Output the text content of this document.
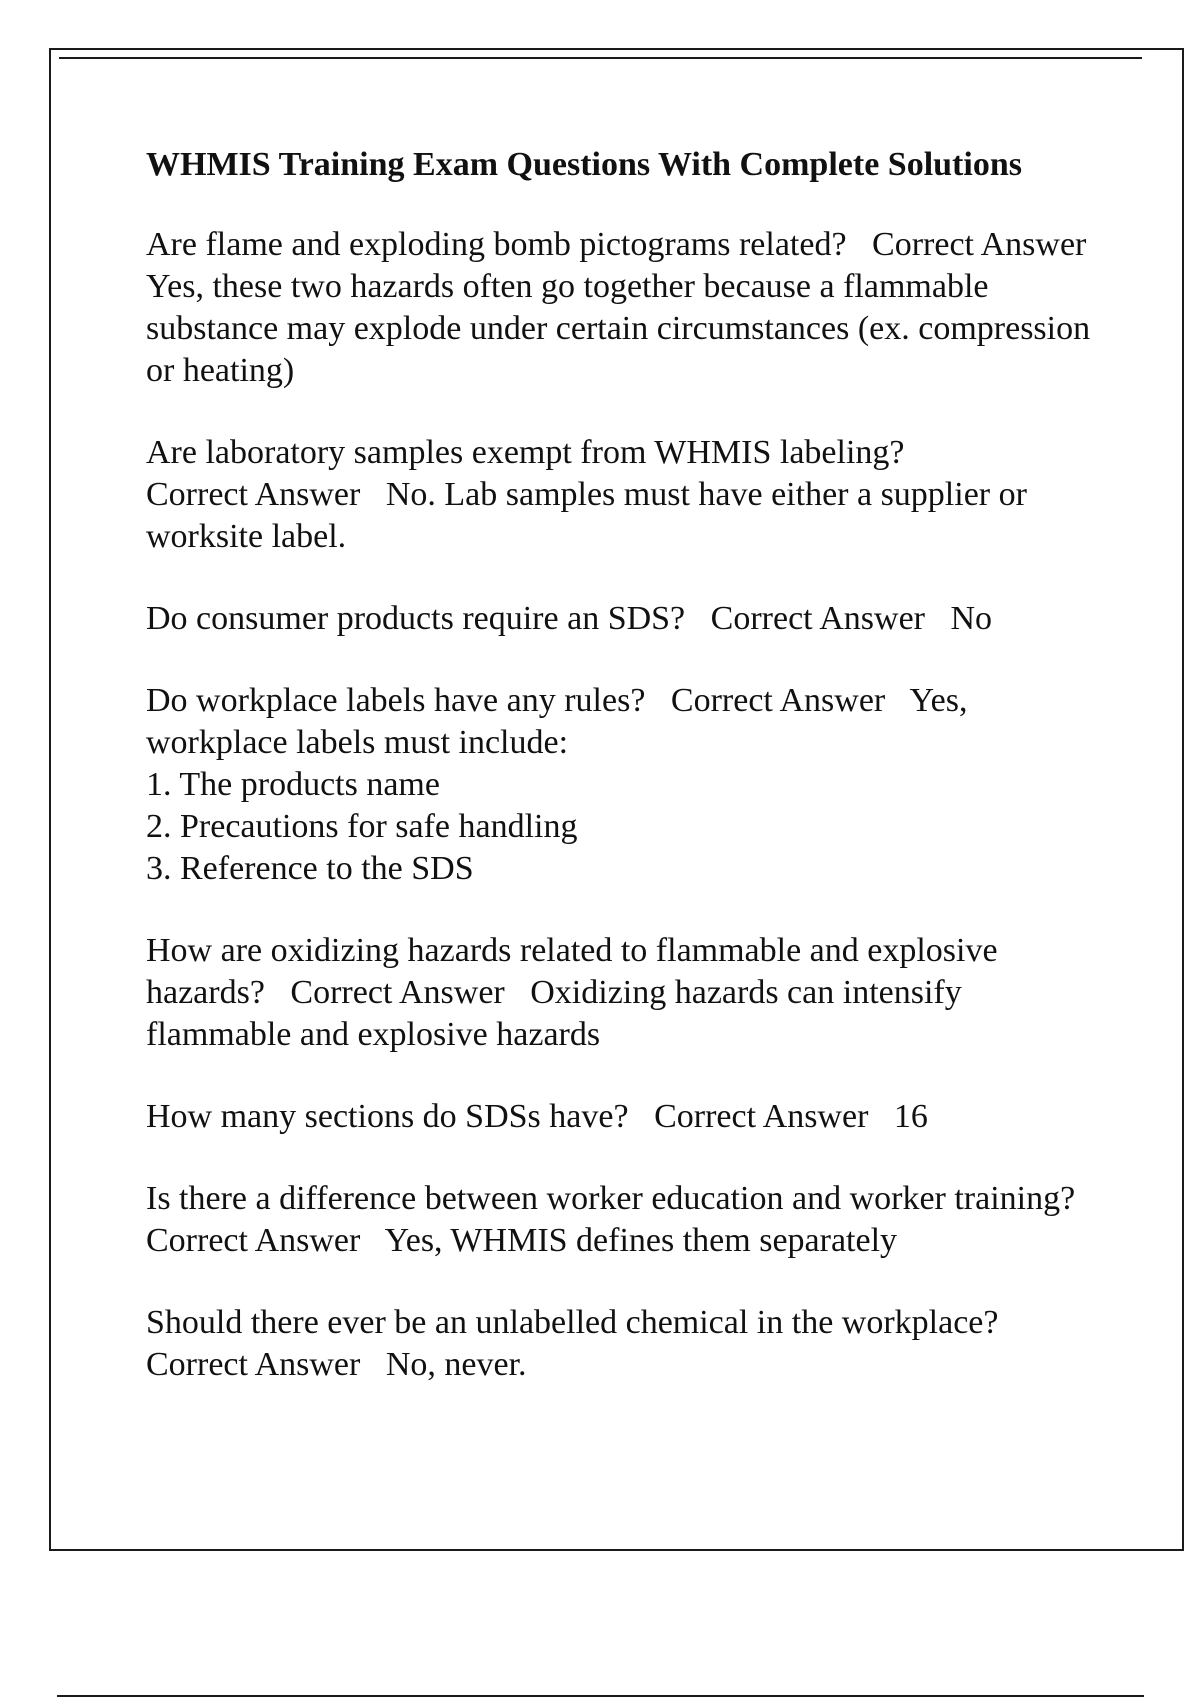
WHMIS Training Exam Questions With Complete Solutions
Are flame and exploding bomb pictograms related? Correct Answer   Yes, these two hazards often go together because a flammable substance may explode under certain circumstances (ex. compression or heating)
Are laboratory samples exempt from WHMIS labeling?
Correct Answer No. Lab samples must have either a supplier or worksite label.
Do consumer products require an SDS? Correct Answer No
Do workplace labels have any rules? Correct Answer Yes, workplace labels must include:
1. The products name
2. Precautions for safe handling
3. Reference to the SDS
How are oxidizing hazards related to flammable and explosive hazards? Correct Answer Oxidizing hazards can intensify flammable and explosive hazards
How many sections do SDSs have? Correct Answer 16
Is there a difference between worker education and worker training?   Correct Answer Yes, WHMIS defines them separately
Should there ever be an unlabelled chemical in the workplace?
Correct Answer No, never.
